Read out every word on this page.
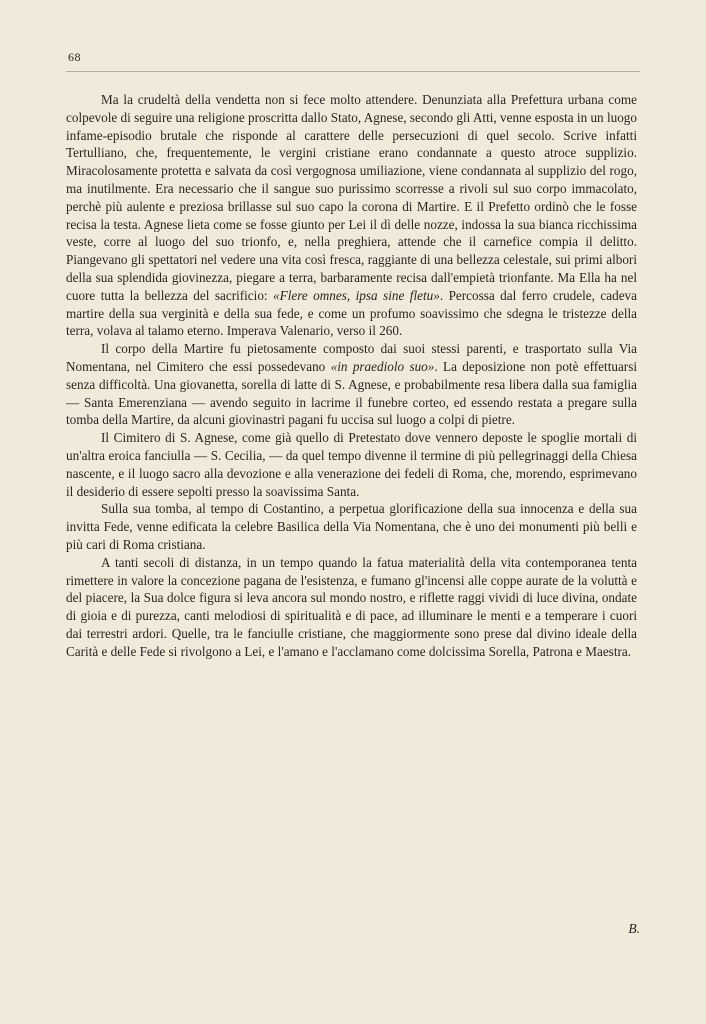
68

Ma la crudeltà della vendetta non si fece molto attendere. Denunziata alla Prefettura urbana come colpevole di seguire una religione proscritta dallo Stato, Agnese, secondo gli Atti, venne esposta in un luogo infame-episodio brutale che risponde al carattere delle persecuzioni di quel secolo. Scrive infatti Tertulliano, che, frequentemente, le vergini cristiane erano condannate a questo atroce supplizio. Miracolosamente protetta e salvata da così vergognosa umiliazione, viene condannata al supplizio del rogo, ma inutilmente. Era necessario che il sangue suo purissimo scorresse a rivoli sul suo corpo immacolato, perchè più aulente e preziosa brillasse sul suo capo la corona di Martire. E il Prefetto ordinò che le fosse recisa la testa. Agnese lieta come se fosse giunto per Lei il dì delle nozze, indossa la sua bianca ricchissima veste, corre al luogo del suo trionfo, e, nella preghiera, attende che il carnefice compia il delitto. Piangevano gli spettatori nel vedere una vita così fresca, raggiante di una bellezza celestale, sui primi albori della sua splendida giovinezza, piegare a terra, barbaramente recisa dall'empietà trionfante. Ma Ella ha nel cuore tutta la bellezza del sacrificio: «Flere omnes, ipsa sine fletu». Percossa dal ferro crudele, cadeva martire della sua verginità e della sua fede, e come un profumo soavissimo che sdegna le tristezze della terra, volava al talamo eterno. Imperava Valenario, verso il 260.

Il corpo della Martire fu pietosamente composto dai suoi stessi parenti, e trasportato sulla Via Nomentana, nel Cimitero che essi possedevano «in praediolo suo». La deposizione non potè effettuarsi senza difficoltà. Una giovanetta, sorella di latte di S. Agnese, e probabilmente resa libera dalla sua famiglia — Santa Emerenziana — avendo seguito in lacrime il funebre corteo, ed essendo restata a pregare sulla tomba della Martire, da alcuni giovinastri pagani fu uccisa sul luogo a colpi di pietre.

Il Cimitero di S. Agnese, come già quello di Pretestato dove vennero deposte le spoglie mortali di un'altra eroica fanciulla — S. Cecilia, — da quel tempo divenne il termine di più pellegrinaggi della Chiesa nascente, e il luogo sacro alla devozione e alla venerazione dei fedeli di Roma, che, morendo, esprimevano il desiderio di essere sepolti presso la soavissima Santa.

Sulla sua tomba, al tempo di Costantino, a perpetua glorificazione della sua innocenza e della sua invitta Fede, venne edificata la celebre Basilica della Via Nomentana, che è uno dei monumenti più belli e più cari di Roma cristiana.

A tanti secoli di distanza, in un tempo quando la fatua materialità della vita contemporanea tenta rimettere in valore la concezione pagana de l'esistenza, e fumano gl'incensi alle coppe aurate de la voluttà e del piacere, la Sua dolce figura si leva ancora sul mondo nostro, e riflette raggi vividi di luce divina, ondate di gioia e di purezza, canti melodiosi di spiritualità e di pace, ad illuminare le menti e a temperare i cuori dai terrestri ardori. Quelle, tra le fanciulle cristiane, che maggiormente sono prese dal divino ideale della Carità e delle Fede si rivolgono a Lei, e l'amano e l'acclamano come dolcissima Sorella, Patrona e Maestra.

B.
